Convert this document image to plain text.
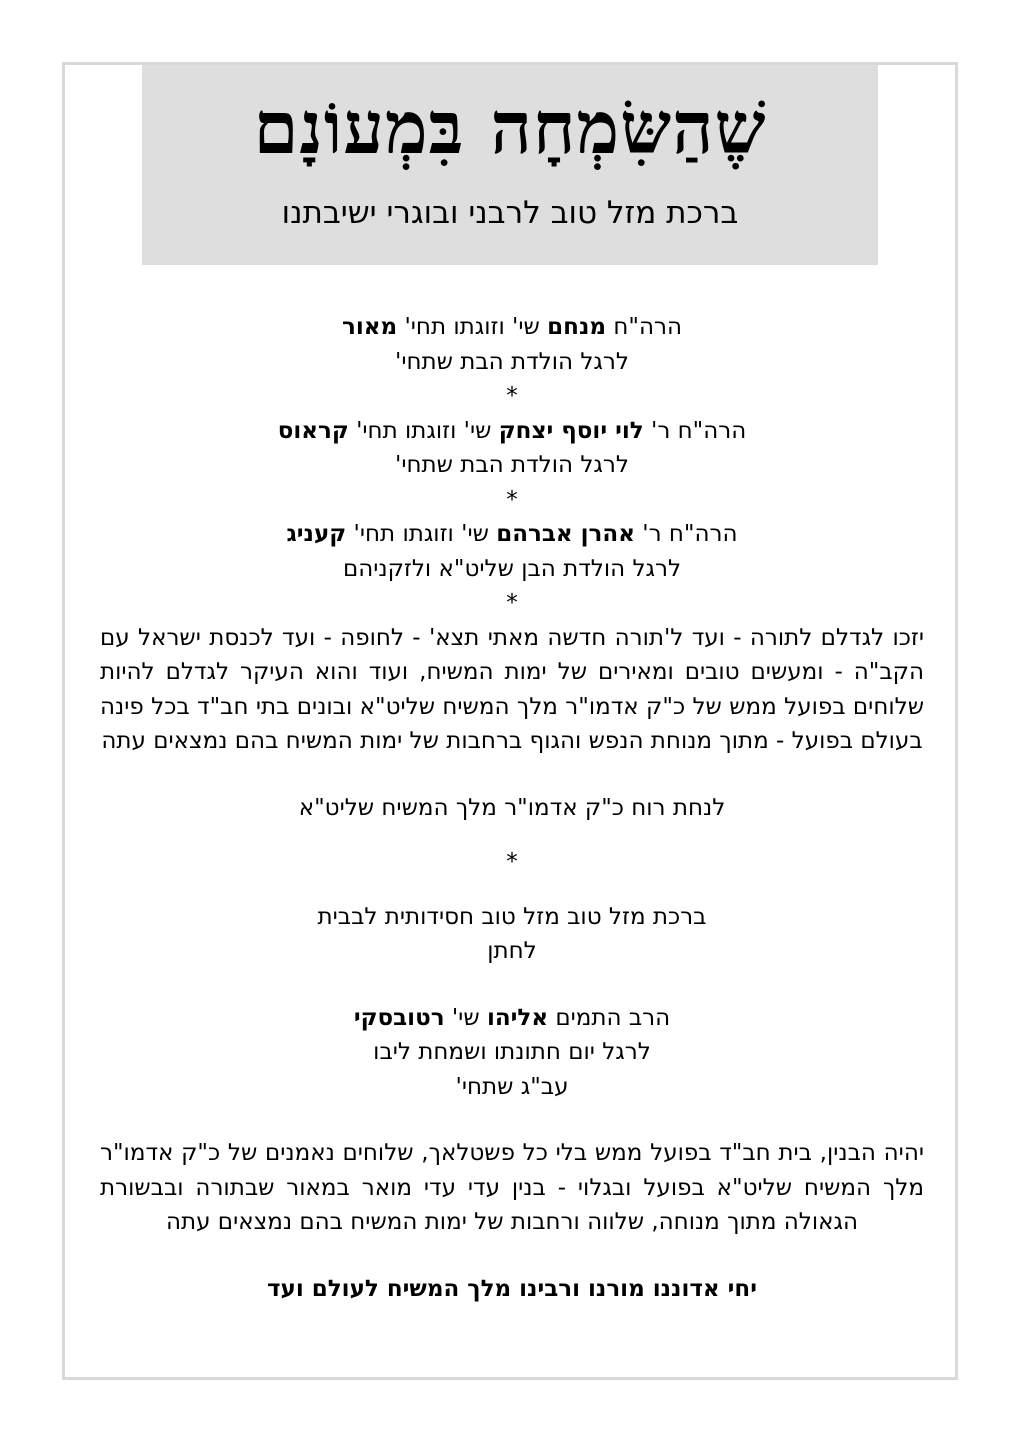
שֶׁהַשִּׂמְחָה בִּמְעוֹנָם
ברכת מזל טוב לרבני ובוגרי ישיבתנו
הרה"ח מנחם שי' וזוגתו תחי' מאור
לרגל הולדת הבת שתחי'
*
הרה"ח ר' לוי יוסף יצחק שי' וזוגתו תחי' קראוס
לרגל הולדת הבת שתחי'
*
הרה"ח ר' אהרן אברהם שי' וזוגתו תחי' קעניג
לרגל הולדת הבן שליט"א ולזקניהם
*
יזכו לגדלם לתורה - ועד ל'תורה חדשה מאתי תצא' - לחופה - ועד לכנסת ישראל עם הקב"ה - ומעשים טובים ומאירים של ימות המשיח, ועוד והוא העיקר לגדלם להיות שלוחים בפועל ממש של כ"ק אדמו"ר מלך המשיח שליט"א ובונים בתי חב"ד בכל פינה בעולם בפועל - מתוך מנוחת הנפש והגוף ברחבות של ימות המשיח בהם נמצאים עתה
לנחת רוח כ"ק אדמו"ר מלך המשיח שליט"א
*
ברכת מזל טוב מזל טוב חסידותית לבבית
לחתן
הרב התמים אליהו שי' רטובסקי
לרגל יום חתונתו ושמחת ליבו
עב"ג שתחי'
יהיה הבנין, בית חב"ד בפועל ממש בלי כל פשטלאך, שלוחים נאמנים של כ"ק אדמו"ר מלך המשיח שליט"א בפועל ובגלוי - בנין עדי עדי מואר במאור שבתורה ובבשורת הגאולה מתוך מנוחה, שלווה ורחבות של ימות המשיח בהם נמצאים עתה
יחי אדוננו מורנו ורבינו מלך המשיח לעולם ועד
